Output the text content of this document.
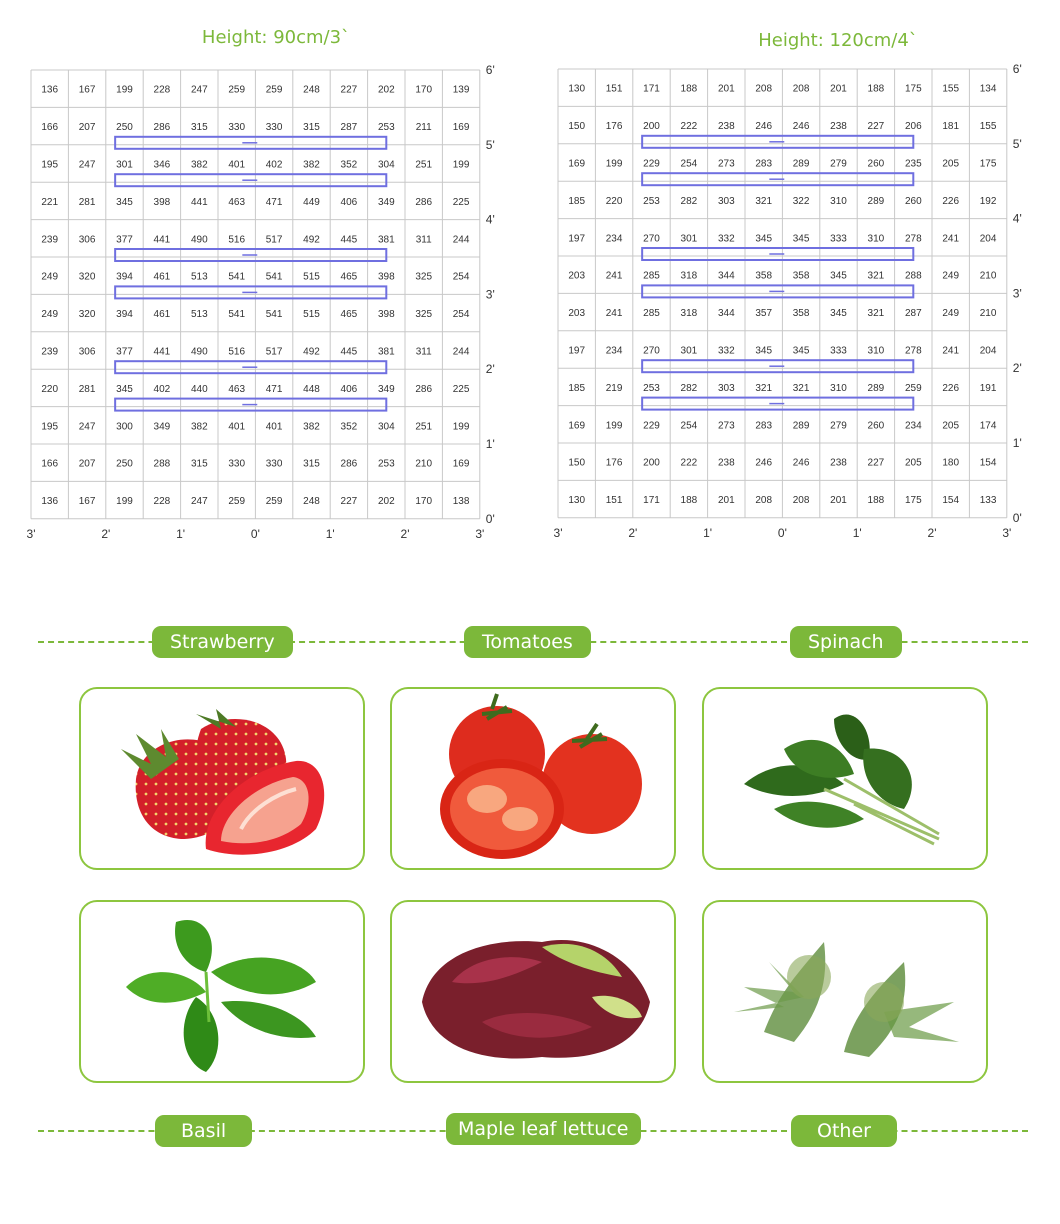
Height: 90cm/3`	Height: 120cm/4`
136 167 199 228 247 259 259 248 227 202 170 139
166 207 250 286 315 330 330 315 287 253 211 169
195 247 301 346 382 401 402 382 352 304 251 199
221 281 345 398 441 463 471 449 406 349 286 225
239 306 377 441 490 516 517 492 445 381 311 244
249 320 394 461 513 541 541 515 465 398 325 254
249 320 394 461 513 541 541 515 465 398 325 254
239 306 377 441 490 516 517 492 445 381 311 244
220 281 345 402 440 463 471 448 406 349 286 225
195 247 300 349 382 401 401 382 352 304 251 199
166 207 250 288 315 330 330 315 286 253 210 169
136 167 199 228 247 259 259 248 227 202 170 138
6'
5'
4'
3'
2'
1'
0'
3'	2'	1'	0'	1'	2'	3'
130 151 171 188 201 208 208 201 188 175 155 134
150 176 200 222 238 246 246 238 227 206 181 155
169 199 229 254 273 283 289 279 260 235 205 175
185 220 253 282 303 321 322 310 289 260 226 192
197 234 270 301 332 345 345 333 310 278 241 204
203 241 285 318 344 358 358 345 321 288 249 210
203 241 285 318 344 357 358 345 321 287 249 210
197 234 270 301 332 345 345 333 310 278 241 204
185 219 253 282 303 321 321 310 289 259 226 191
169 199 229 254 273 283 289 279 260 234 205 174
150 176 200 222 238 246 246 238 227 205 180 154
130 151 171 188 201 208 208 201 188 175 154 133
6'
5'
4'
3'
2'
1'
0'
3'	2'	1'	0'	1'	2'	3'
Strawberry	Tomatoes	Spinach
Basil	Maple leaf lettuce	Other
